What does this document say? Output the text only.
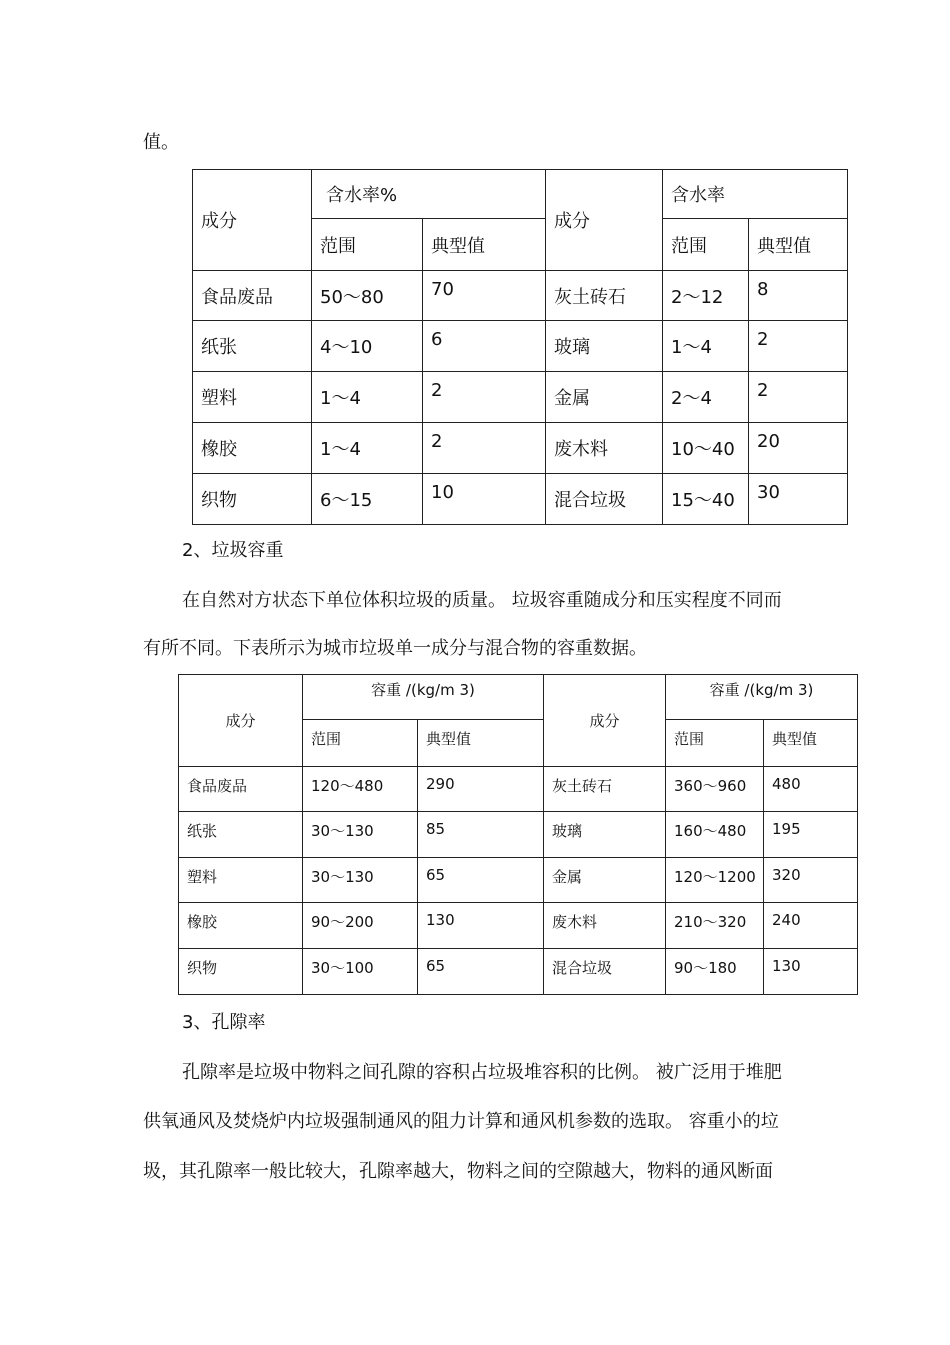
值。
成分	含水率%		成分	含水率	

	范围	典型值		范围	典型值

食品废品	50～80	70	灰土砖石	2～12	8

纸张	4～10	6	玻璃	1～4	2

塑料	1～4	2	金属	2～4	2

橡胶	1～4	2	废木料	10～40	20

织物	6～15	10	混合垃圾	15～40	30
2、垃圾容重
在自然对方状态下单位体积垃圾的质量。 垃圾容重随成分和压实程度不同而
有所不同。下表所示为城市垃圾单一成分与混合物的容重数据。
成分	容重 /(kg/m 3)		成分	容重 /(kg/m 3)	

	范围	典型值		范围	典型值

食品废品	120～480	290	灰土砖石	360～960	480

纸张	30～130	85	玻璃	160～480	195

塑料	30～130	65	金属	120～1200	320

橡胶	90～200	130	废木料	210～320	240

织物	30～100	65	混合垃圾	90～180	130
3、孔隙率
孔隙率是垃圾中物料之间孔隙的容积占垃圾堆容积的比例。 被广泛用于堆肥
供氧通风及焚烧炉内垃圾强制通风的阻力计算和通风机参数的选取。 容重小的垃
圾，其孔隙率一般比较大，孔隙率越大，物料之间的空隙越大，物料的通风断面
